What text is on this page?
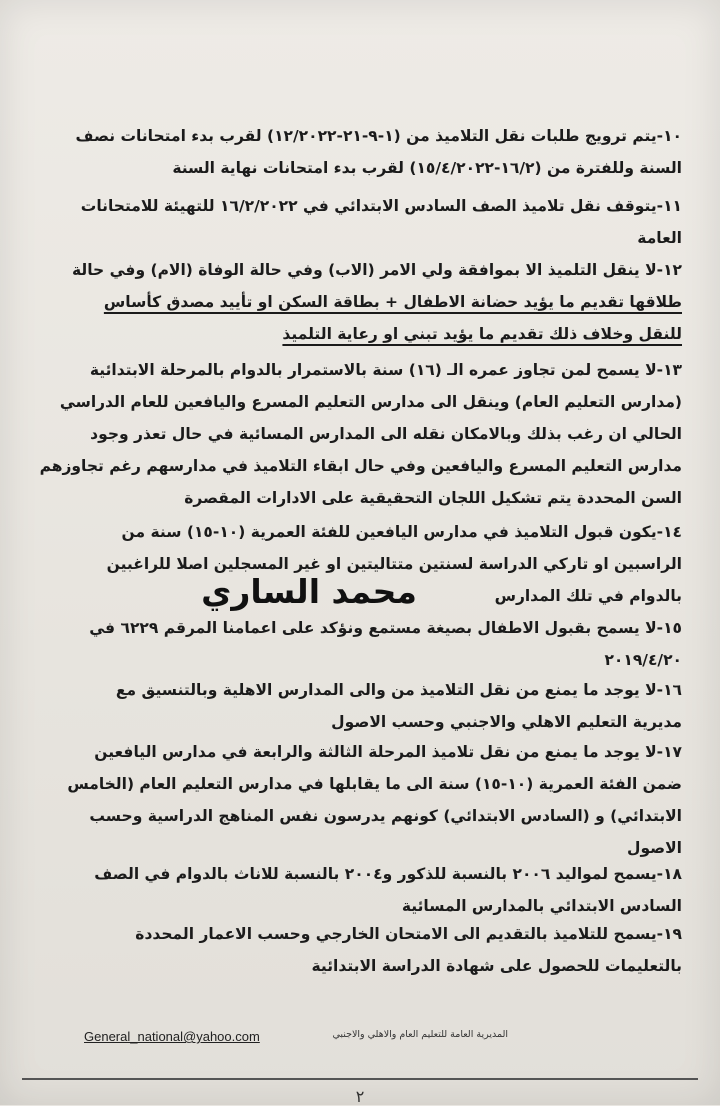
١٠-يتم ترويج طلبات نقل التلاميذ من (١-٩-٢١-١٢/٢٠٢٢) لقرب بدء امتحانات نصف
السنة وللفترة من (١٦/٢-١٥/٤/٢٠٢٢) لقرب بدء امتحانات نهاية السنة
١١-يتوقف نقل تلاميذ الصف السادس الابتدائي في ١٦/٢/٢٠٢٢ للتهيئة للامتحانات
العامة
١٢-لا ينقل التلميذ الا بموافقة ولي الامر (الاب) وفي حالة الوفاة (الام) وفي حالة
طلاقها تقديم ما يؤيد حضانة الاطفال + بطاقة السكن او تأييد مصدق كأساس
للنقل وخلاف ذلك تقديم ما يؤيد تبني او رعاية التلميذ
١٣-لا يسمح لمن تجاوز عمره الـ (١٦) سنة بالاستمرار بالدوام بالمرحلة الابتدائية
(مدارس التعليم العام) وينقل الى مدارس التعليم المسرع واليافعين للعام الدراسي
الحالي ان رغب بذلك وبالامكان نقله الى المدارس المسائية في حال تعذر وجود
مدارس التعليم المسرع واليافعين وفي حال ابقاء التلاميذ في مدارسهم رغم تجاوزهم
السن المحددة يتم تشكيل اللجان التحقيقية على الادارات المقصرة
١٤-يكون قبول التلاميذ في مدارس اليافعين للفئة العمرية (١٠-١٥) سنة من
الراسبين او تاركي الدراسة لسنتين متتاليتين او غير المسجلين اصلا للراغبين
بالدوام في تلك المدارس
محمد الساري
١٥-لا يسمح بقبول الاطفال بصيغة مستمع ونؤكد على اعمامنا المرقم ٦٢٢٩ في
٢٠١٩/٤/٢٠
١٦-لا يوجد ما يمنع من نقل التلاميذ من والى المدارس الاهلية وبالتنسيق مع
مديرية التعليم الاهلي والاجنبي وحسب الاصول
١٧-لا يوجد ما يمنع من نقل تلاميذ المرحلة الثالثة والرابعة في مدارس اليافعين
ضمن الفئة العمرية (١٠-١٥) سنة الى ما يقابلها في مدارس التعليم العام (الخامس
الابتدائي) و (السادس الابتدائي) كونهم يدرسون نفس المناهج الدراسية وحسب
الاصول
١٨-يسمح لمواليد ٢٠٠٦ بالنسبة للذكور و٢٠٠٤ بالنسبة للاناث بالدوام في الصف
السادس الابتدائي بالمدارس المسائية
١٩-يسمح للتلاميذ بالتقديم الى الامتحان الخارجي وحسب الاعمار المحددة
بالتعليمات للحصول على شهادة الدراسة الابتدائية
General_national@yahoo.com	المديرية العامة للتعليم العام والاهلي والاجنبي
٢
